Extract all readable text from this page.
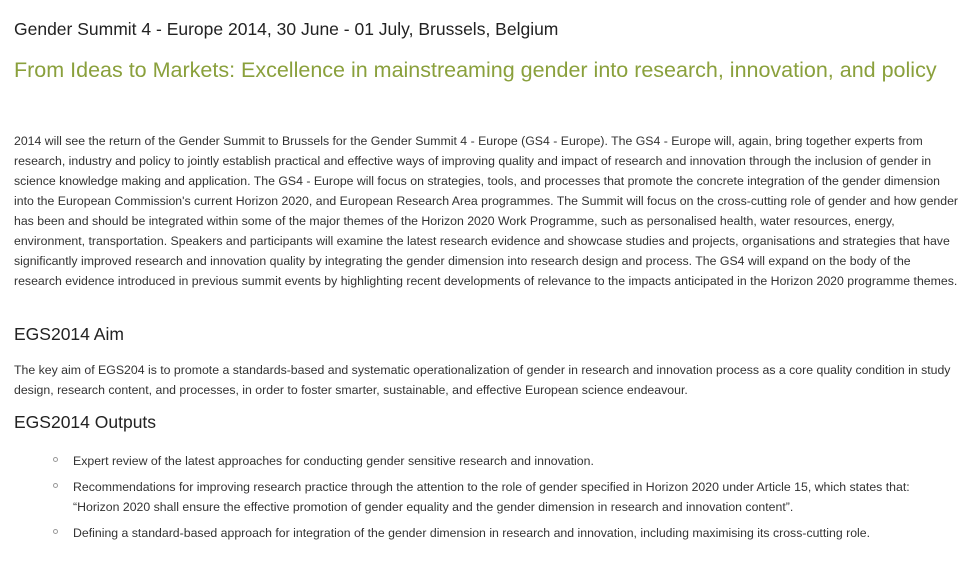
Gender Summit 4 - Europe 2014, 30 June - 01 July, Brussels, Belgium
From Ideas to Markets: Excellence in mainstreaming gender into research, innovation, and policy

2014 will see the return of the Gender Summit to Brussels for the Gender Summit 4 - Europe (GS4 - Europe). The GS4 - Europe will, again, bring together experts from research, industry and policy to jointly establish practical and effective ways of improving quality and impact of research and innovation through the inclusion of gender in science knowledge making and application. The GS4 - Europe will focus on strategies, tools, and processes that promote the concrete integration of the gender dimension into the European Commission's current Horizon 2020, and European Research Area programmes. The Summit will focus on the cross-cutting role of gender and how gender has been and should be integrated within some of the major themes of the Horizon 2020 Work Programme, such as personalised health, water resources, energy, environment, transportation. Speakers and participants will examine the latest research evidence and showcase studies and projects, organisations and strategies that have significantly improved research and innovation quality by integrating the gender dimension into research design and process. The GS4 will expand on the body of the research evidence introduced in previous summit events by highlighting recent developments of relevance to the impacts anticipated in the Horizon 2020 programme themes.

EGS2014 Aim

The key aim of EGS204 is to promote a standards-based and systematic operationalization of gender in research and innovation process as a core quality condition in study design, research content, and processes, in order to foster smarter, sustainable, and effective European science endeavour.

EGS2014 Outputs
Expert review of the latest approaches for conducting gender sensitive research and innovation.
Recommendations for improving research practice through the attention to the role of gender specified in Horizon 2020 under Article 15, which states that: “Horizon 2020 shall ensure the effective promotion of gender equality and the gender dimension in research and innovation content”.
Defining a standard-based approach for integration of the gender dimension in research and innovation, including maximising its cross-cutting role.
